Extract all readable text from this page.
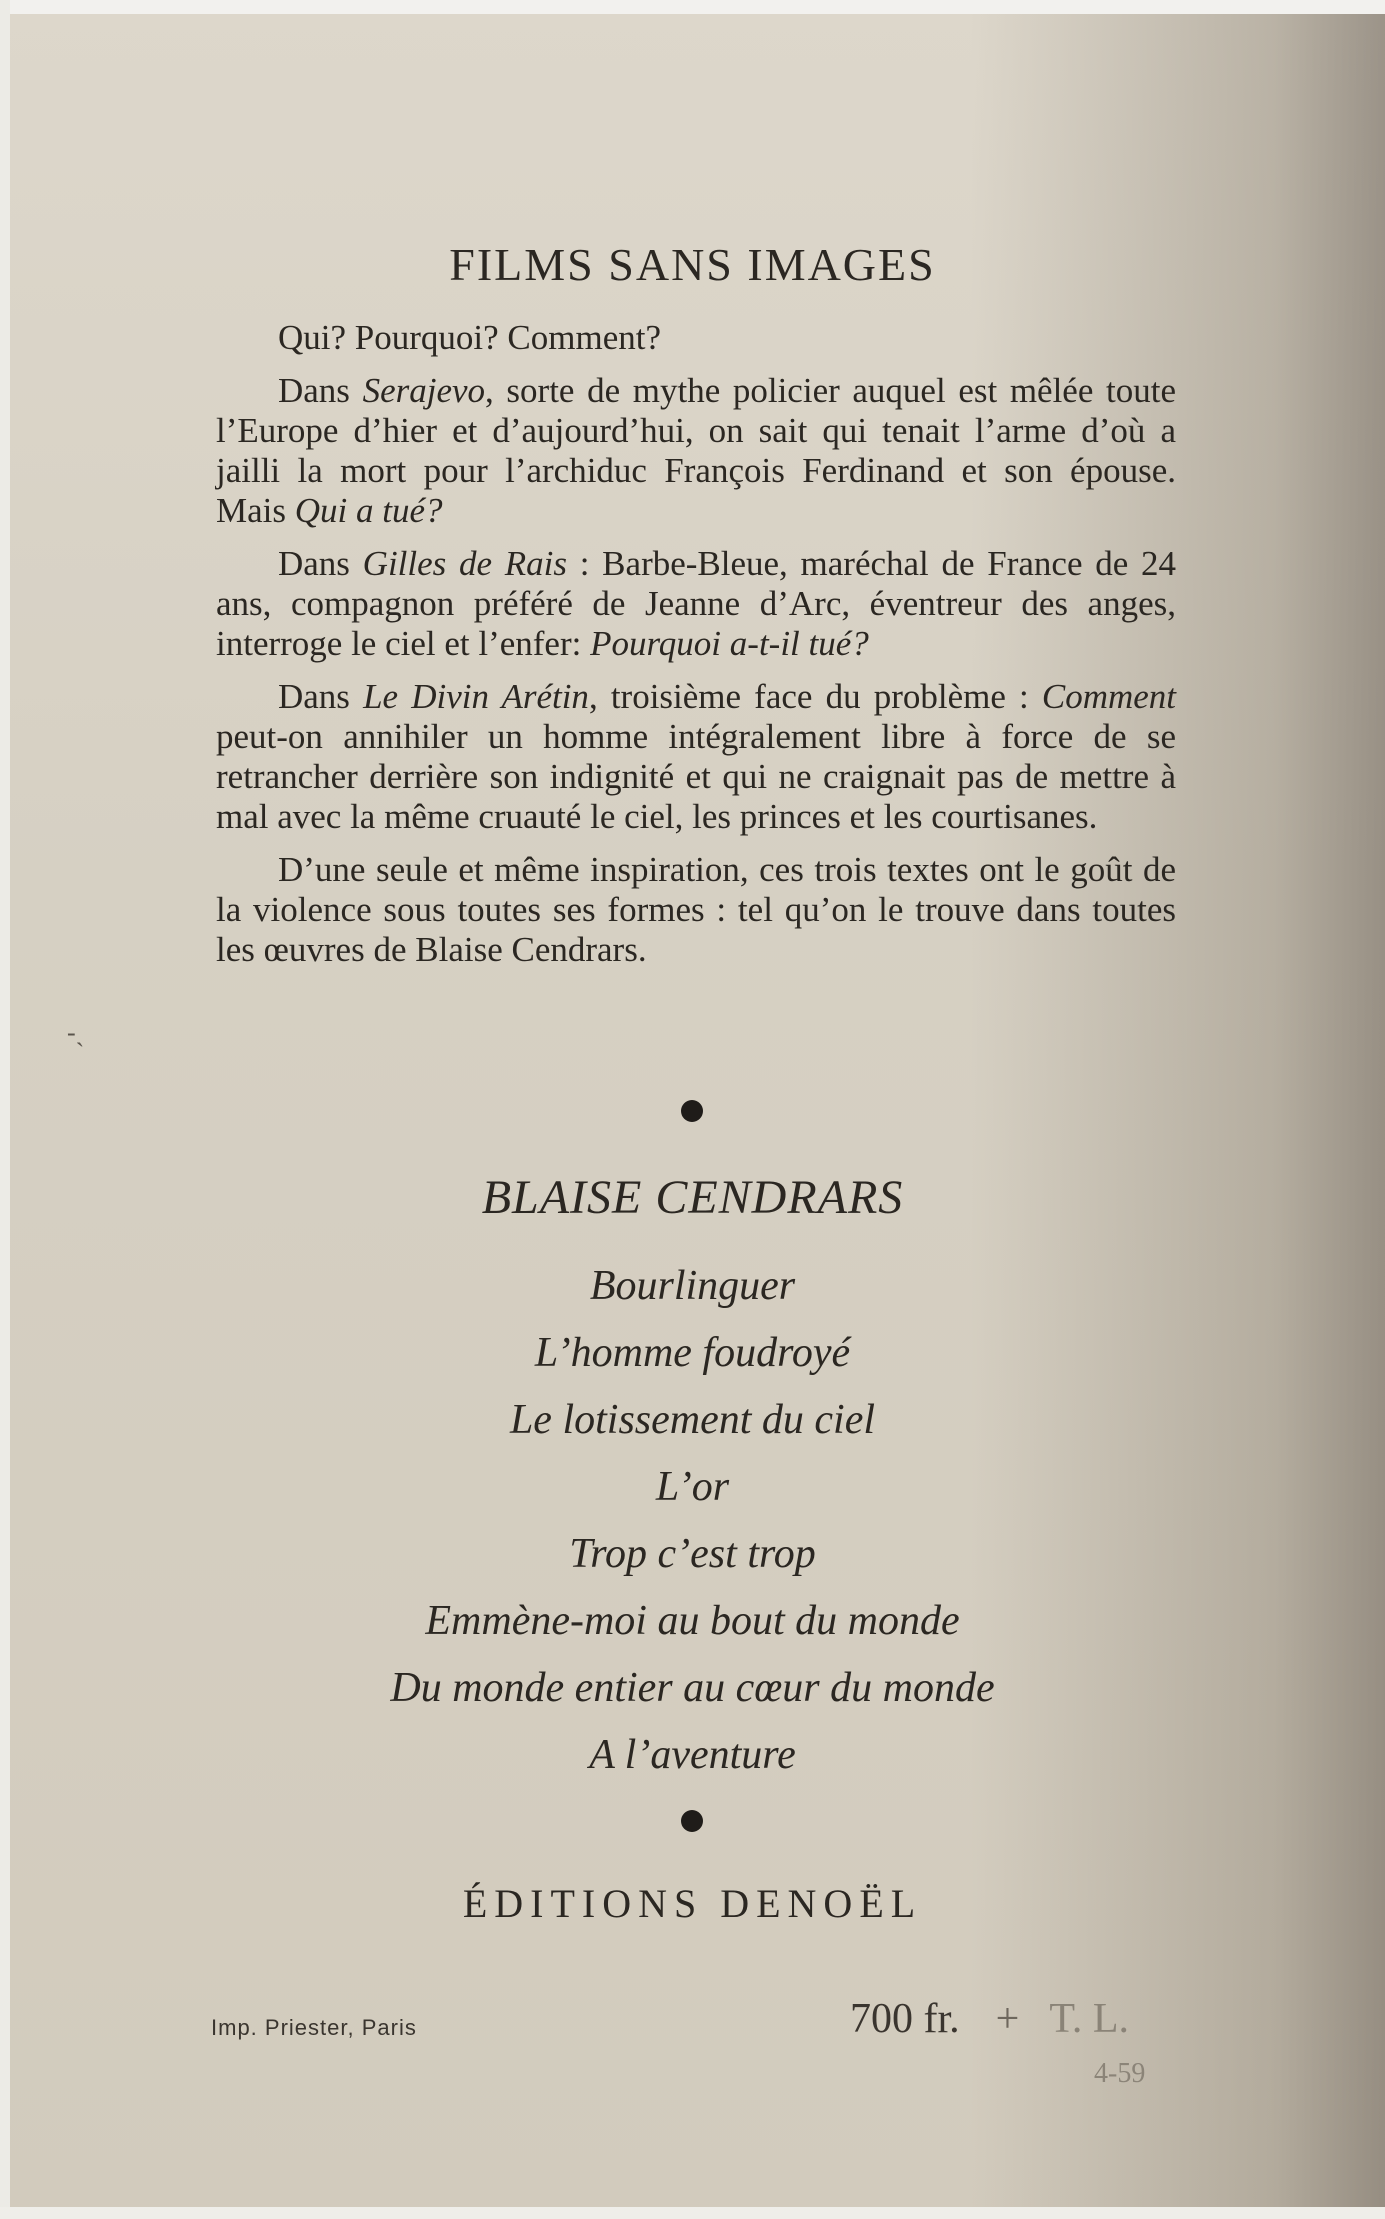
FILMS SANS IMAGES

Qui? Pourquoi? Comment?

Dans Serajevo, sorte de mythe policier auquel est mêlée toute l’Europe d’hier et d’aujourd’hui, on sait qui tenait l’arme d’où a jailli la mort pour l’archiduc François Ferdinand et son épouse. Mais Qui a tué?

Dans Gilles de Rais : Barbe-Bleue, maréchal de France de 24 ans, compagnon préféré de Jeanne d’Arc, éventreur des anges, interroge le ciel et l’enfer: Pourquoi a-t-il tué?

Dans Le Divin Arétin, troisième face du problème : Comment peut-on annihiler un homme intégralement libre à force de se retrancher derrière son indignité et qui ne craignait pas de mettre à mal avec la même cruauté le ciel, les princes et les courtisanes.

D’une seule et même inspiration, ces trois textes ont le goût de la violence sous toutes ses formes : tel qu’on le trouve dans toutes les œuvres de Blaise Cendrars.

-ˏ
BLAISE CENDRARS
Bourlinguer
L’homme foudroyé
Le lotissement du ciel
L’or
Trop c’est trop
Emmène-moi au bout du monde
Du monde entier au cœur du monde
A l’aventure
ÉDITIONS DENOËL
Imp. Priester, Paris	700 fr. + T. L.
4-59
